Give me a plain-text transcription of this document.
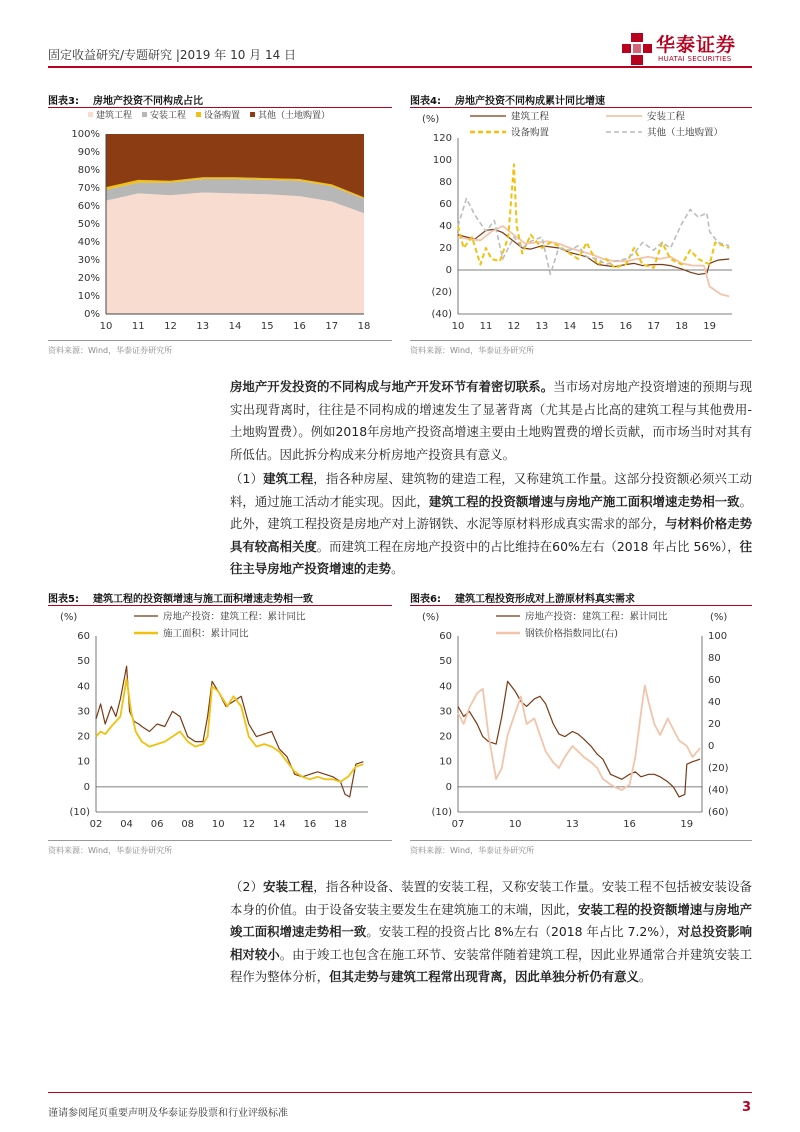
固定收益研究/专题研究 |2019 年 10 月 14 日	华泰证券
HUATAI SECURITIES
图表3: 房地产投资不同构成占比
建筑工程 安装工程 设备购置 其他（土地购置）
0%
10%
20%
30%
40%
50%
60%
70%
80%
90%
100%
10 11 12 13 14 15 16 17 18
资料来源：Wind，华泰证券研究所
图表4: 房地产投资不同构成累计同比增速
(%)	建筑工程	安装工程
设备购置	其他（土地购置）
(40)
(20)
0
20
40
60
80
100
120
10 11 12 13 14 15 16 17 18 19
资料来源：Wind，华泰证券研究所
房地产开发投资的不同构成与地产开发环节有着密切联系。当市场对房地产投资增速的预期与现实出现背离时，往往是不同构成的增速发生了显著背离（尤其是占比高的建筑工程与其他费用-土地购置费）。例如2018年房地产投资高增速主要由土地购置费的增长贡献，而市场当时对其有所低估。因此拆分构成来分析房地产投资具有意义。
（1）建筑工程，指各种房屋、建筑物的建造工程，又称建筑工作量。这部分投资额必须兴工动料，通过施工活动才能实现。因此，建筑工程的投资额增速与房地产施工面积增速走势相一致。此外，建筑工程投资是房地产对上游钢铁、水泥等原材料形成真实需求的部分，与材料价格走势具有较高相关度。而建筑工程在房地产投资中的占比维持在60%左右（2018 年占比 56%），往往主导房地产投资增速的走势。
图表5: 建筑工程的投资额增速与施工面积增速走势相一致
(%)	房地产投资：建筑工程：累计同比
施工面积：累计同比
(10)
0
10
20
30
40
50
60
02 04 06 08 10 12 14 16 18
资料来源：Wind，华泰证券研究所
图表6: 建筑工程投资形成对上游原材料真实需求
(%)	(%)
房地产投资：建筑工程：累计同比
钢铁价格指数同比(右)
(10)
0
10
20
30
40
50
60
(60)
(40)
(20)
0
20
40
60
80
100
07	10	13	16	19
资料来源：Wind，华泰证券研究所
（2）安装工程，指各种设备、装置的安装工程，又称安装工作量。安装工程不包括被安装设备本身的价值。由于设备安装主要发生在建筑施工的末端，因此，安装工程的投资额增速与房地产竣工面积增速走势相一致。安装工程的投资占比 8%左右（2018 年占比 7.2%），对总投资影响相对较小。由于竣工也包含在施工环节、安装常伴随着建筑工程，因此业界通常合并建筑安装工程作为整体分析，但其走势与建筑工程常出现背离，因此单独分析仍有意义。
谨请参阅尾页重要声明及华泰证券股票和行业评级标准	3
